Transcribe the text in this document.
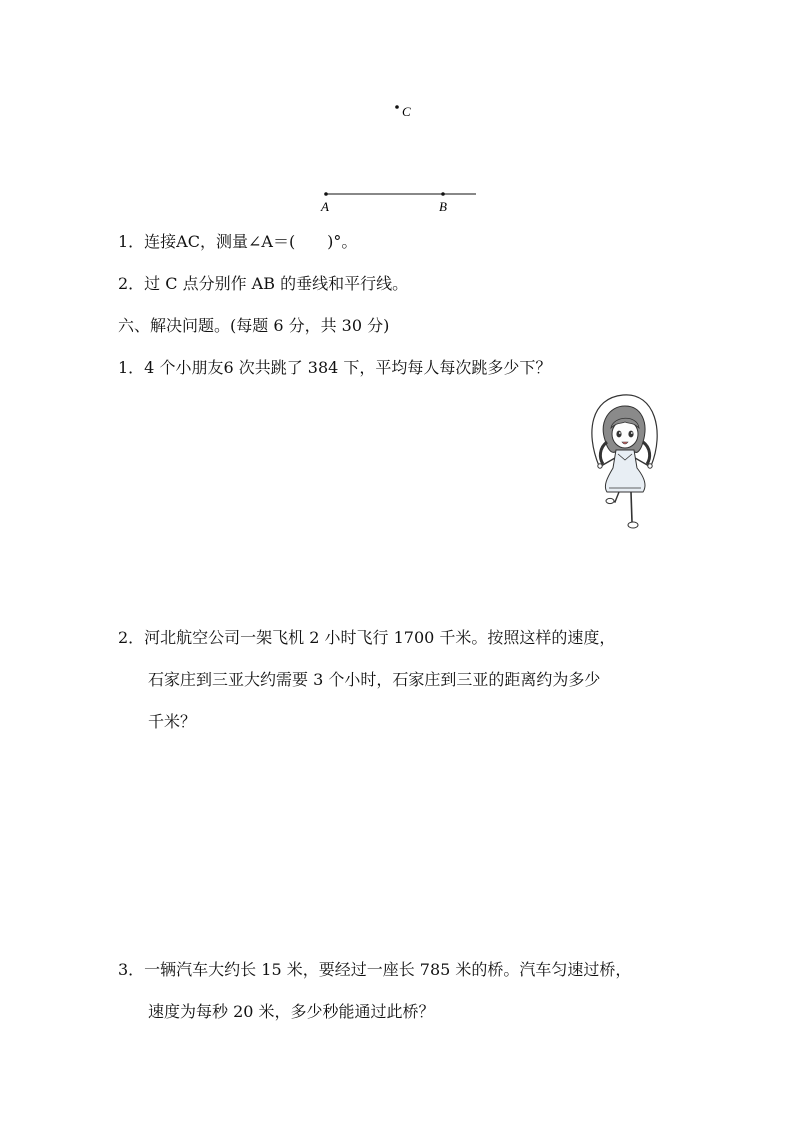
C
A	B
1．连接AC，测量∠A＝(　　)°。
2．过 C 点分别作 AB 的垂线和平行线。
六、解决问题。(每题 6 分，共 30 分)
1．4 个小朋友6 次共跳了 384 下，平均每人每次跳多少下？
2．河北航空公司一架飞机 2 小时飞行 1700 千米。按照这样的速度，
石家庄到三亚大约需要 3 个小时，石家庄到三亚的距离约为多少
千米？
3．一辆汽车大约长 15 米，要经过一座长 785 米的桥。汽车匀速过桥，
速度为每秒 20 米，多少秒能通过此桥？
